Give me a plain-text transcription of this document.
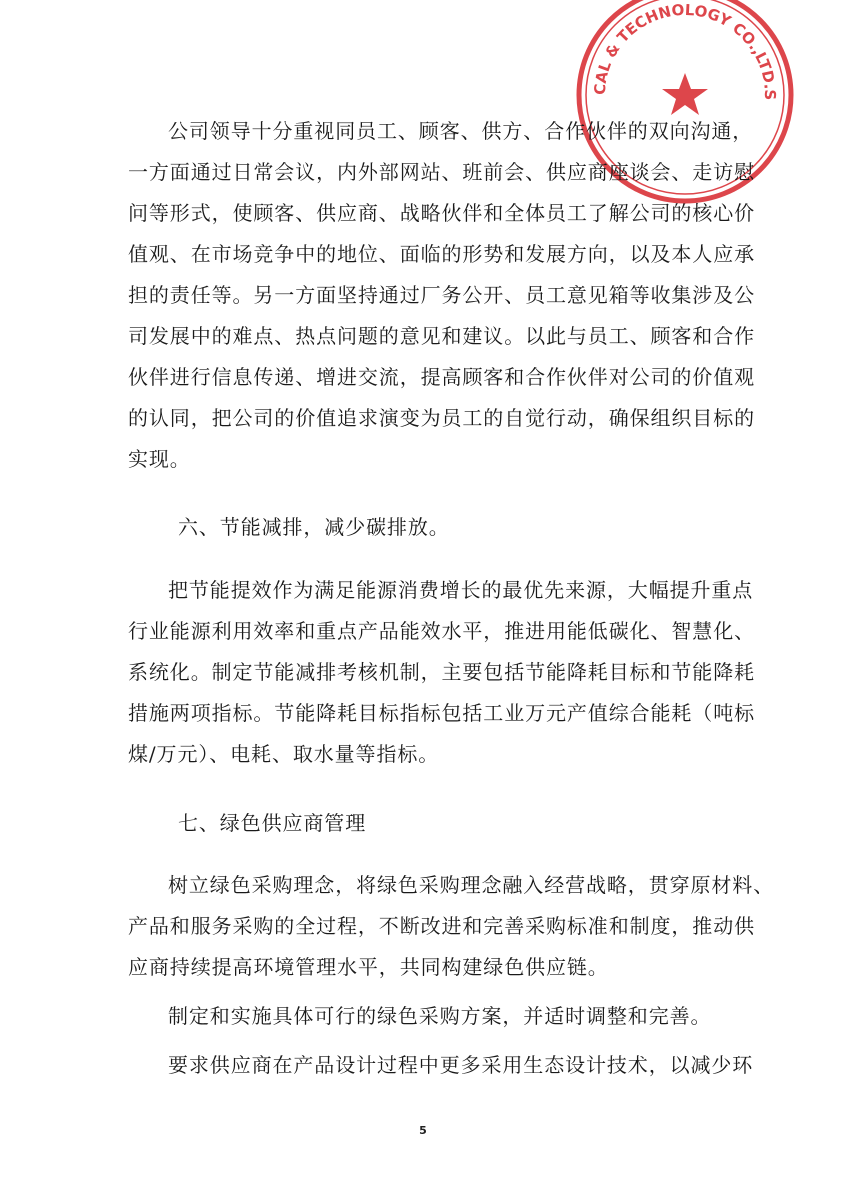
CAL & TECHNOLOGY CO.,LTD.S
公司领导十分重视同员工、顾客、供方、合作伙伴的双向沟通，
一方面通过日常会议，内外部网站、班前会、供应商座谈会、走访慰
问等形式，使顾客、供应商、战略伙伴和全体员工了解公司的核心价
值观、在市场竞争中的地位、面临的形势和发展方向，以及本人应承
担的责任等。另一方面坚持通过厂务公开、员工意见箱等收集涉及公
司发展中的难点、热点问题的意见和建议。以此与员工、顾客和合作
伙伴进行信息传递、增进交流，提高顾客和合作伙伴对公司的价值观
的认同，把公司的价值追求演变为员工的自觉行动，确保组织目标的
实现。
六、节能减排，减少碳排放。
把节能提效作为满足能源消费增长的最优先来源，大幅提升重点
行业能源利用效率和重点产品能效水平，推进用能低碳化、智慧化、
系统化。制定节能减排考核机制，主要包括节能降耗目标和节能降耗
措施两项指标。节能降耗目标指标包括工业万元产值综合能耗（吨标
煤/万元）、电耗、取水量等指标。
七、绿色供应商管理
树立绿色采购理念，将绿色采购理念融入经营战略，贯穿原材料、
产品和服务采购的全过程，不断改进和完善采购标准和制度，推动供
应商持续提高环境管理水平，共同构建绿色供应链。
制定和实施具体可行的绿色采购方案，并适时调整和完善。
要求供应商在产品设计过程中更多采用生态设计技术，以减少环
5
